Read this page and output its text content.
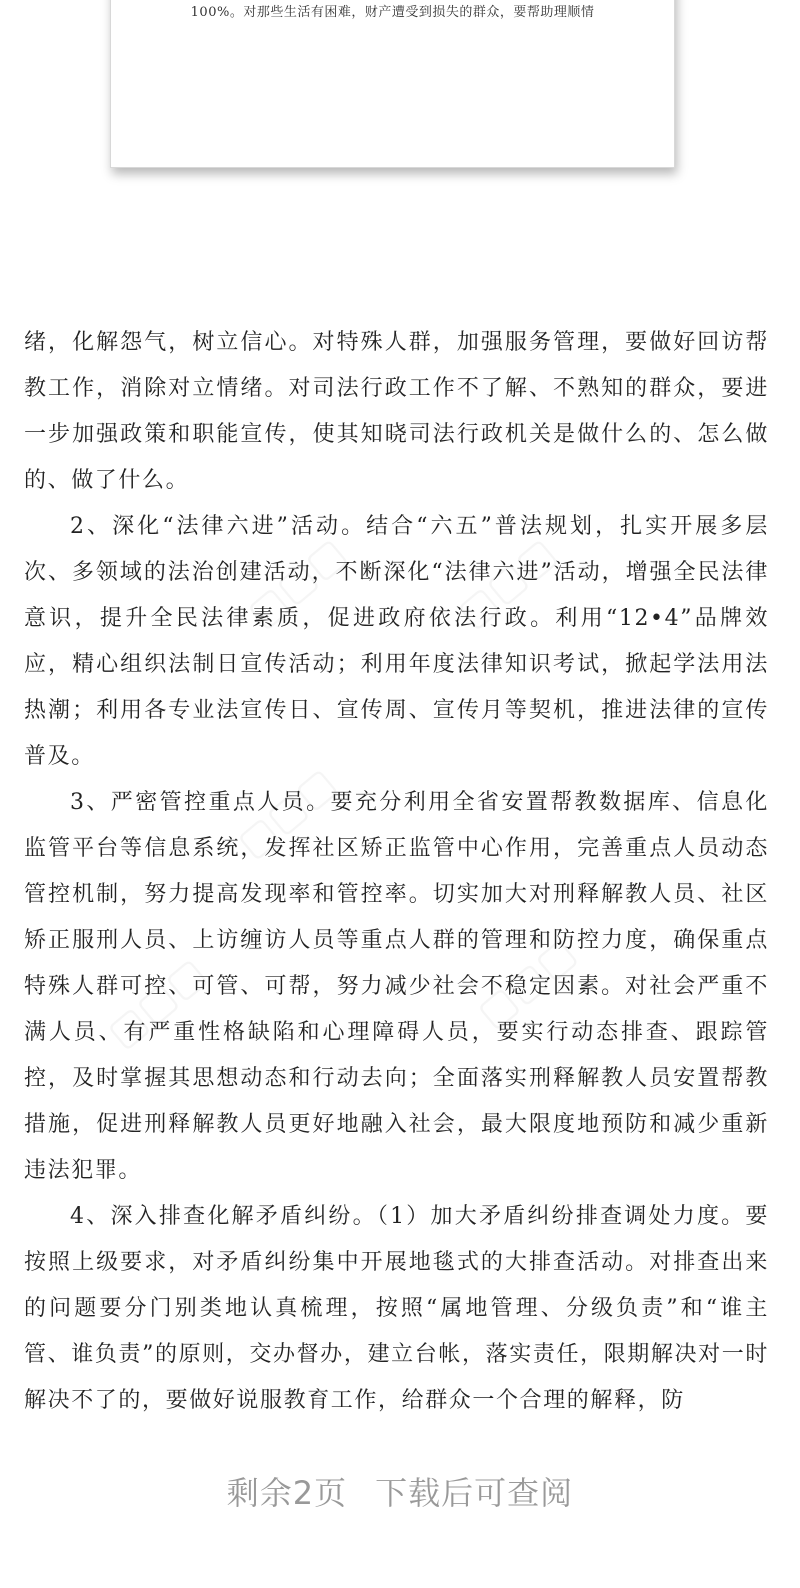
100%。对那些生活有困难，财产遭受到损失的群众，要帮助理顺情
▢▢▢ ▢▢▢
▢▢▢
▢▢▢	▢▢▢

绪，化解怨气，树立信心。对特殊人群，加强服务管理，要做好回访帮教工作，消除对立情绪。对司法行政工作不了解、不熟知的群众，要进一步加强政策和职能宣传，使其知晓司法行政机关是做什么的、怎么做的、做了什么。

2、深化“法律六进”活动。结合“六五”普法规划，扎实开展多层次、多领域的法治创建活动，不断深化“法律六进”活动，增强全民法律意识，提升全民法律素质，促进政府依法行政。利用“12•4”品牌效应，精心组织法制日宣传活动；利用年度法律知识考试，掀起学法用法热潮；利用各专业法宣传日、宣传周、宣传月等契机，推进法律的宣传普及。

3、严密管控重点人员。要充分利用全省安置帮教数据库、信息化监管平台等信息系统，发挥社区矫正监管中心作用，完善重点人员动态管控机制，努力提高发现率和管控率。切实加大对刑释解教人员、社区矫正服刑人员、上访缠访人员等重点人群的管理和防控力度，确保重点特殊人群可控、可管、可帮，努力减少社会不稳定因素。对社会严重不满人员、有严重性格缺陷和心理障碍人员，要实行动态排查、跟踪管控，及时掌握其思想动态和行动去向；全面落实刑释解教人员安置帮教措施，促进刑释解教人员更好地融入社会，最大限度地预防和减少重新违法犯罪。

4、深入排查化解矛盾纠纷。（1）加大矛盾纠纷排查调处力度。要按照上级要求，对矛盾纠纷集中开展地毯式的大排查活动。对排查出来的问题要分门别类地认真梳理，按照“属地管理、分级负责”和“谁主管、谁负责”的原则，交办督办，建立台帐，落实责任，限期解决对一时解决不了的，要做好说服教育工作，给群众一个合理的解释，防

剩余2页 下载后可查阅
